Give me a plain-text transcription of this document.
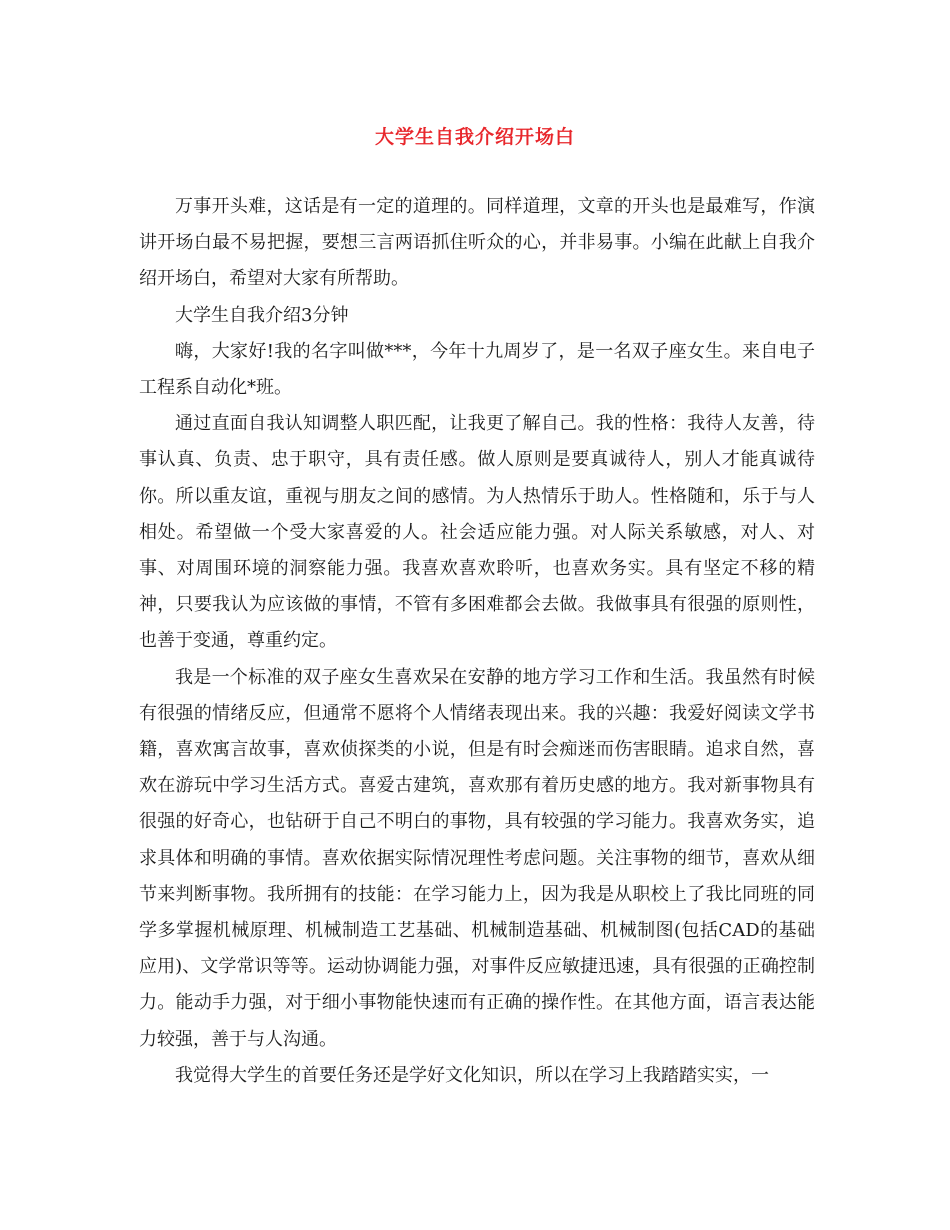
大学生自我介绍开场白

万事开头难，这话是有一定的道理的。同样道理，文章的开头也是最难写，作演讲开场白最不易把握，要想三言两语抓住听众的心，并非易事。小编在此献上自我介绍开场白，希望对大家有所帮助。

大学生自我介绍3分钟

嗨，大家好!我的名字叫做***，今年十九周岁了，是一名双子座女生。来自电子工程系自动化*班。

通过直面自我认知调整人职匹配，让我更了解自己。我的性格：我待人友善，待事认真、负责、忠于职守，具有责任感。做人原则是要真诚待人，别人才能真诚待你。所以重友谊，重视与朋友之间的感情。为人热情乐于助人。性格随和，乐于与人相处。希望做一个受大家喜爱的人。社会适应能力强。对人际关系敏感，对人、对事、对周围环境的洞察能力强。我喜欢喜欢聆听，也喜欢务实。具有坚定不移的精神，只要我认为应该做的事情，不管有多困难都会去做。我做事具有很强的原则性，也善于变通，尊重约定。

我是一个标准的双子座女生喜欢呆在安静的地方学习工作和生活。我虽然有时候有很强的情绪反应，但通常不愿将个人情绪表现出来。我的兴趣：我爱好阅读文学书籍，喜欢寓言故事，喜欢侦探类的小说，但是有时会痴迷而伤害眼睛。追求自然，喜欢在游玩中学习生活方式。喜爱古建筑，喜欢那有着历史感的地方。我对新事物具有很强的好奇心，也钻研于自己不明白的事物，具有较强的学习能力。我喜欢务实，追求具体和明确的事情。喜欢依据实际情况理性考虑问题。关注事物的细节，喜欢从细节来判断事物。我所拥有的技能：在学习能力上，因为我是从职校上了我比同班的同学多掌握机械原理、机械制造工艺基础、机械制造基础、机械制图(包括CAD的基础应用)、文学常识等等。运动协调能力强，对事件反应敏捷迅速，具有很强的正确控制力。能动手力强，对于细小事物能快速而有正确的操作性。在其他方面，语言表达能力较强，善于与人沟通。

我觉得大学生的首要任务还是学好文化知识，所以在学习上我踏踏实实，一
